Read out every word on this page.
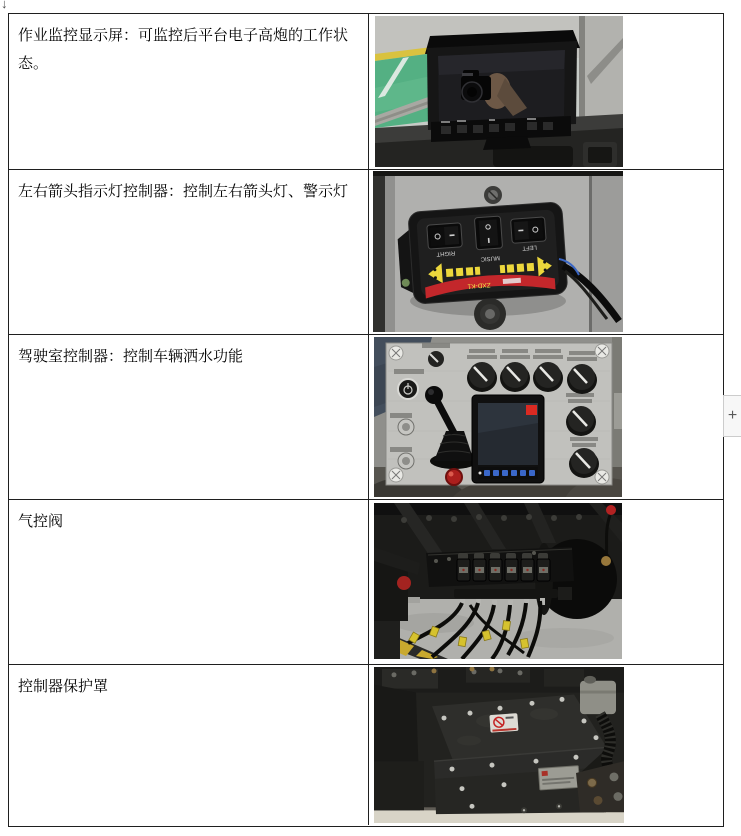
↓
作业监控显示屏：可监控后平台电子高炮的工作状态。
左右箭头指示灯控制器：控制左右箭头灯、警示灯
RIGHT
MUSIC
LEFT
ZXD-K1
驾驶室控制器：控制车辆洒水功能
气控阀
控制器保护罩
+
